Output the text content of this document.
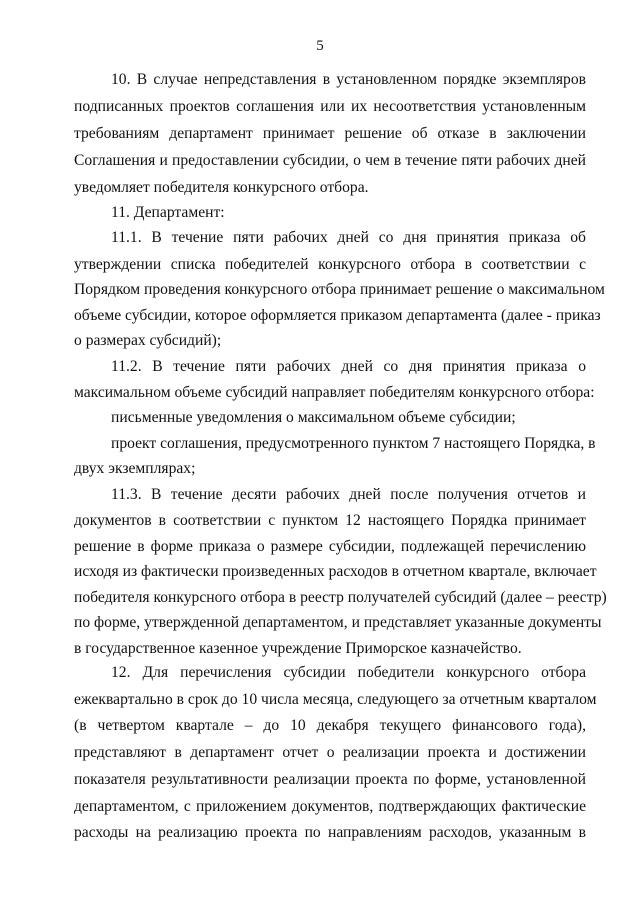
5
10. В случае непредставления в установленном порядке экземпляров
подписанных проектов соглашения или их несоответствия установленным
требованиям департамент принимает решение об отказе в заключении
Соглашения и предоставлении субсидии, о чем в течение пяти рабочих дней
уведомляет победителя конкурсного отбора.
11. Департамент:
11.1. В течение пяти рабочих дней со дня принятия приказа об
утверждении списка победителей конкурсного отбора в соответствии с
Порядком проведения конкурсного отбора принимает решение о максимальном
объеме субсидии, которое оформляется приказом департамента (далее - приказ
о размерах субсидий);
11.2. В течение пяти рабочих дней со дня принятия приказа о
максимальном объеме субсидий направляет победителям конкурсного отбора:
письменные уведомления о максимальном объеме субсидии;
проект соглашения, предусмотренного пунктом 7 настоящего Порядка, в
двух экземплярах;
11.3. В течение десяти рабочих дней после получения отчетов и
документов в соответствии с пунктом 12 настоящего Порядка принимает
решение в форме приказа о размере субсидии, подлежащей перечислению
исходя из фактически произведенных расходов в отчетном квартале, включает
победителя конкурсного отбора в реестр получателей субсидий (далее – реестр)
по форме, утвержденной департаментом, и представляет указанные документы
в государственное казенное учреждение Приморское казначейство.
12. Для перечисления субсидии победители конкурсного отбора
ежеквартально в срок до 10 числа месяца, следующего за отчетным кварталом
(в четвертом квартале – до 10 декабря текущего финансового года),
представляют в департамент отчет о реализации проекта и достижении
показателя результативности реализации проекта по форме, установленной
департаментом, с приложением документов, подтверждающих фактические
расходы на реализацию проекта по направлениям расходов, указанным в
